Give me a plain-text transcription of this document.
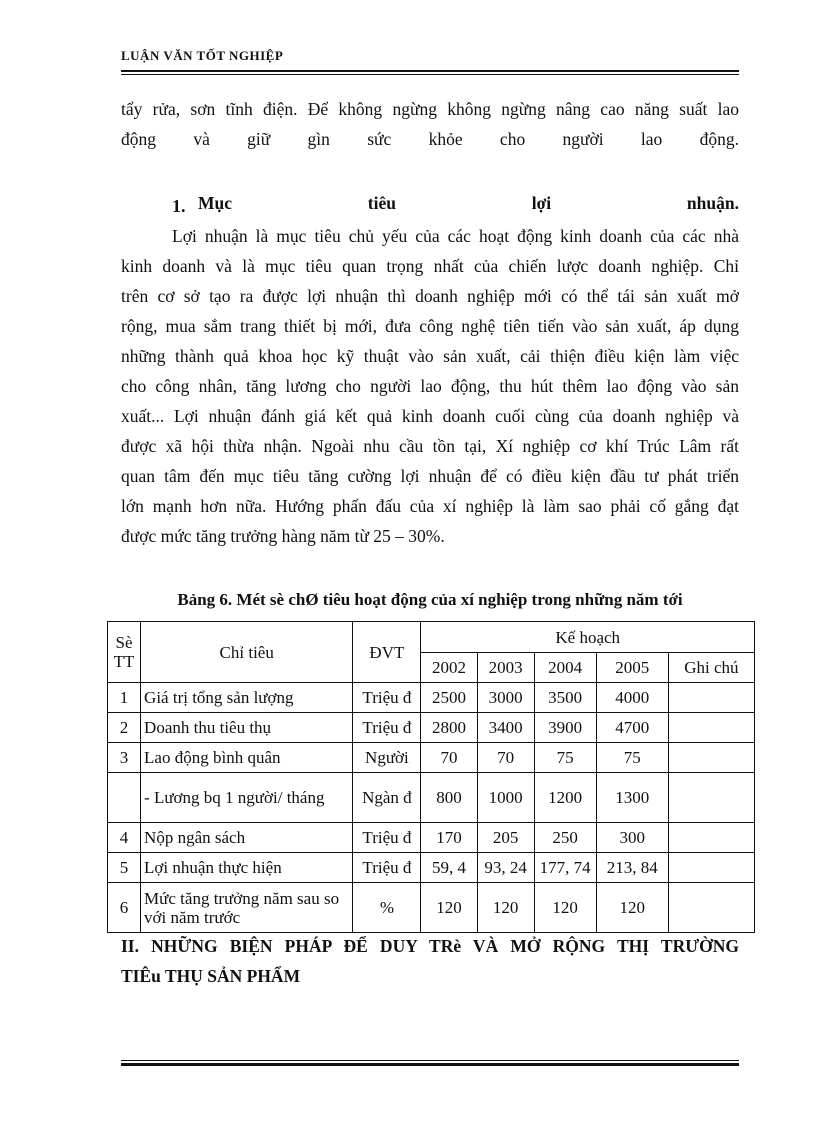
LUẬN VĂN TỐT NGHIỆP
tẩy rửa, sơn tĩnh điện. Để không ngừng không ngừng nâng cao năng suất lao
động và giữ gìn sức khỏe cho người lao động.
1. Mục tiêu lợi nhuận.
Lợi nhuận là mục tiêu chủ yếu của các hoạt động kinh doanh của các nhà
kinh doanh và là mục tiêu quan trọng nhất của chiến lược doanh nghiệp. Chỉ
trên cơ sở tạo ra được lợi nhuận thì doanh nghiệp mới có thể tái sản xuất mở
rộng, mua sắm trang thiết bị mới, đưa công nghệ tiên tiến vào sản xuất, áp dụng
những thành quả khoa học kỹ thuật vào sản xuất, cải thiện điều kiện làm việc
cho công nhân, tăng lương cho người lao động, thu hút thêm lao động vào sản
xuất... Lợi nhuận đánh giá kết quả kinh doanh cuối cùng của doanh nghiệp và
được xã hội thừa nhận. Ngoài nhu cầu tồn tại, Xí nghiệp cơ khí Trúc Lâm rất
quan tâm đến mục tiêu tăng cường lợi nhuận để có điều kiện đầu tư phát triển
lớn mạnh hơn nữa. Hướng phấn đấu của xí nghiệp là làm sao phải cố gắng đạt
được mức tăng trưởng hàng năm từ 25 – 30%.
Bảng 6. Mét sè chØ tiêu hoạt động của xí nghiệp trong những năm tới
Sè TT	Chỉ tiêu	ĐVT	Kế hoạch				
			2002	2003	2004	2005	Ghi chú
1	Giá trị tổng sản lượng	Triệu đ	2500	3000	3500	4000	
2	Doanh thu tiêu thụ	Triệu đ	2800	3400	3900	4700	
3	Lao động bình quân	Người	70	70	75	75	
	- Lương bq 1 người/ tháng	Ngàn đ	800	1000	1200	1300	
4	Nộp ngân sách	Triệu đ	170	205	250	300	
5	Lợi nhuận thực hiện	Triệu đ	59, 4	93, 24	177, 74	213, 84	
6	Mức tăng trưởng năm sau so với năm trước	%	120	120	120	120	
II. NHỮNG BIỆN PHÁP ĐỂ DUY TRè VÀ MỞ RỘNG THỊ TRƯỜNG
TIÊu THỤ SẢN PHẨM
